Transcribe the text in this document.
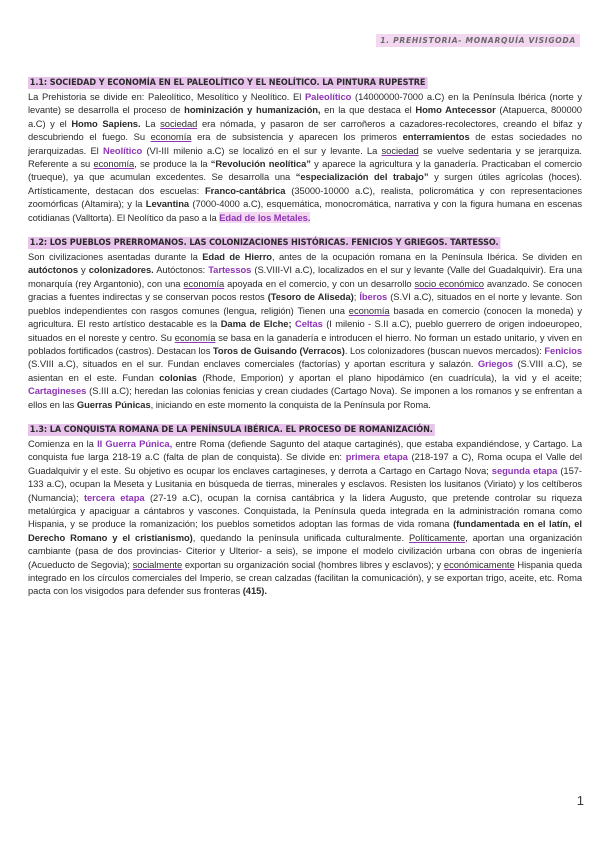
1. PREHISTORIA- MONARQUÍA VISIGODA
1.1: SOCIEDAD Y ECONOMÍA EN EL PALEOLÍTICO Y EL NEOLÍTICO. LA PINTURA RUPESTRE

La Prehistoria se divide en: Paleolítico, Mesolítico y Neolítico. El Paleolítico (14000000-7000 a.C) en la Península Ibérica (norte y levante) se desarrolla el proceso de hominización y humanización, en la que destaca el Homo Antecessor (Atapuerca, 800000 a.C) y el Homo Sapiens. La sociedad era nómada, y pasaron de ser carroñeros a cazadores-recolectores, creando el bifaz y descubriendo el fuego. Su economía era de subsistencia y aparecen los primeros enterramientos de estas sociedades no jerarquizadas. El Neolítico (VI-III milenio a.C) se localizó en el sur y levante. La sociedad se vuelve sedentaria y se jerarquiza. Referente a su economía, se produce la la “Revolución neolítica” y aparece la agricultura y la ganadería. Practicaban el comercio (trueque), ya que acumulan excedentes. Se desarrolla una “especialización del trabajo” y surgen útiles agrícolas (hoces). Artísticamente, destacan dos escuelas: Franco-cantábrica (35000-10000 a.C), realista, policromática y con representaciones zoomórficas (Altamira); y la Levantina (7000-4000 a.C), esquemática, monocromática, narrativa y con la figura humana en escenas cotidianas (Valltorta). El Neolítico da paso a la Edad de los Metales.

1.2: LOS PUEBLOS PRERROMANOS. LAS COLONIZACIONES HISTÓRICAS. FENICIOS Y GRIEGOS. TARTESSO.

Son civilizaciones asentadas durante la Edad de Hierro, antes de la ocupación romana en la Península Ibérica. Se dividen en autóctonos y colonizadores. Autóctonos: Tartessos (S.VIII-VI a.C), localizados en el sur y levante (Valle del Guadalquivir). Era una monarquía (rey Argantonio), con una economía apoyada en el comercio, y con un desarrollo socio económico avanzado. Se conocen gracias a fuentes indirectas y se conservan pocos restos (Tesoro de Aliseda); Íberos (S.VI a.C), situados en el norte y levante. Son pueblos independientes con rasgos comunes (lengua, religión) Tienen una economía basada en comercio (conocen la moneda) y agricultura. El resto artístico destacable es la Dama de Elche; Celtas (I milenio - S.II a.C), pueblo guerrero de origen indoeuropeo, situados en el noreste y centro. Su economía se basa en la ganadería e introducen el hierro. No forman un estado unitario, y viven en poblados fortificados (castros). Destacan los Toros de Guisando (Verracos). Los colonizadores (buscan nuevos mercados): Fenicios (S.VIII a.C), situados en el sur. Fundan enclaves comerciales (factorías) y aportan escritura y salazón. Griegos (S.VIII a.C), se asientan en el este. Fundan colonias (Rhode, Emporion) y aportan el plano hipodámico (en cuadrícula), la vid y el aceite; Cartagineses (S.III a.C); heredan las colonias fenicias y crean ciudades (Cartago Nova). Se imponen a los romanos y se enfrentan a ellos en las Guerras Púnicas, iniciando en este momento la conquista de la Península por Roma.

1.3: LA CONQUISTA ROMANA DE LA PENÍNSULA IBÉRICA. EL PROCESO DE ROMANIZACIÓN.

Comienza en la II Guerra Púnica, entre Roma (defiende Sagunto del ataque cartaginés), que estaba expandiéndose, y Cartago. La conquista fue larga 218-19 a.C (falta de plan de conquista). Se divide en: primera etapa (218-197 a C), Roma ocupa el Valle del Guadalquivir y el este. Su objetivo es ocupar los enclaves cartagineses, y derrota a Cartago en Cartago Nova; segunda etapa (157-133 a.C), ocupan la Meseta y Lusitania en búsqueda de tierras, minerales y esclavos. Resisten los lusitanos (Viriato) y los celtíberos (Numancia); tercera etapa (27-19 a.C), ocupan la cornisa cantábrica y la lidera Augusto, que pretende controlar su riqueza metalúrgica y apaciguar a cántabros y vascones. Conquistada, la Península queda integrada en la administración romana como Hispania, y se produce la romanización; los pueblos sometidos adoptan las formas de vida romana (fundamentada en el latín, el Derecho Romano y el cristianismo), quedando la península unificada culturalmente. Políticamente, aportan una organización cambiante (pasa de dos provincias- Citerior y Ulterior- a seis), se impone el modelo civilización urbana con obras de ingeniería (Acueducto de Segovia); socialmente exportan su organización social (hombres libres y esclavos); y económicamente Hispania queda integrado en los círculos comerciales del Imperio, se crean calzadas (facilitan la comunicación), y se exportan trigo, aceite, etc. Roma pacta con los visigodos para defender sus fronteras (415).

1
